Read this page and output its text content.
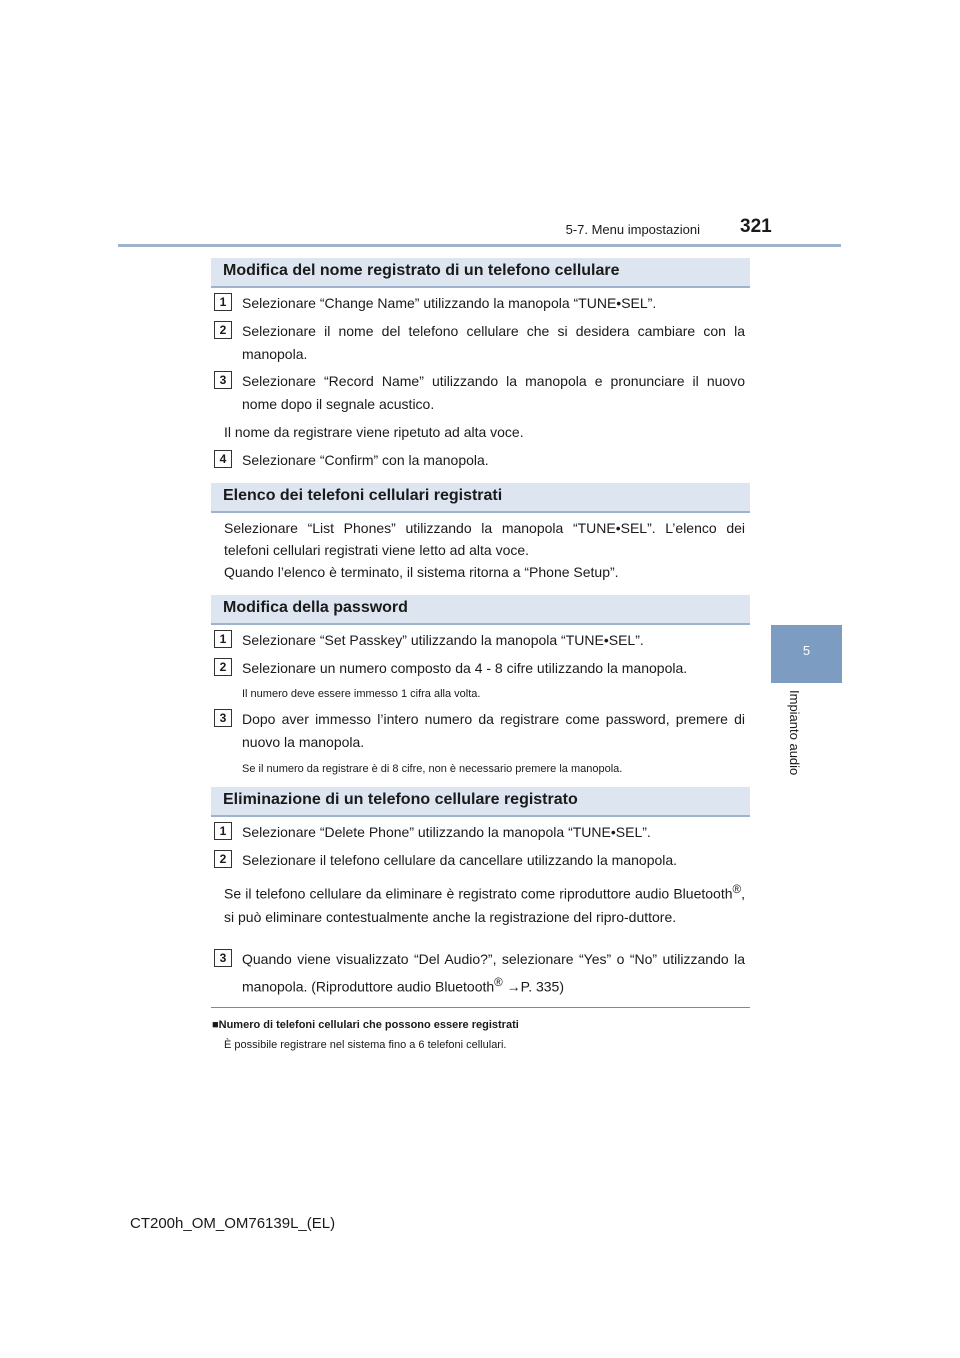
5-7. Menu impostazioni 321
5
Impianto audio
Modifica del nome registrato di un telefono cellulare
1	Selezionare “Change Name” utilizzando la manopola “TUNE•SEL”.
2	Selezionare il nome del telefono cellulare che si desidera cambiare con la manopola.
3	Selezionare “Record Name” utilizzando la manopola e pronunciare il nuovo nome dopo il segnale acustico.
Il nome da registrare viene ripetuto ad alta voce.
4	Selezionare “Confirm” con la manopola.
Elenco dei telefoni cellulari registrati
Selezionare “List Phones” utilizzando la manopola “TUNE•SEL”. L’elenco dei telefoni cellulari registrati viene letto ad alta voce.
Quando l’elenco è terminato, il sistema ritorna a “Phone Setup”.
Modifica della password
1	Selezionare “Set Passkey” utilizzando la manopola “TUNE•SEL”.
2	Selezionare un numero composto da 4 - 8 cifre utilizzando la manopola.
Il numero deve essere immesso 1 cifra alla volta.
3	Dopo aver immesso l’intero numero da registrare come password, premere di nuovo la manopola.
Se il numero da registrare è di 8 cifre, non è necessario premere la manopola.
Eliminazione di un telefono cellulare registrato
1	Selezionare “Delete Phone” utilizzando la manopola “TUNE•SEL”.
2	Selezionare il telefono cellulare da cancellare utilizzando la manopola.
Se il telefono cellulare da eliminare è registrato come riproduttore audio Bluetooth®, si può eliminare contestualmente anche la registrazione del ripro-duttore.
3	Quando viene visualizzato “Del Audio?”, selezionare “Yes” o “No” utilizzando la manopola. (Riproduttore audio Bluetooth® →P. 335)
■Numero di telefoni cellulari che possono essere registrati
È possibile registrare nel sistema fino a 6 telefoni cellulari.
CT200h_OM_OM76139L_(EL)
